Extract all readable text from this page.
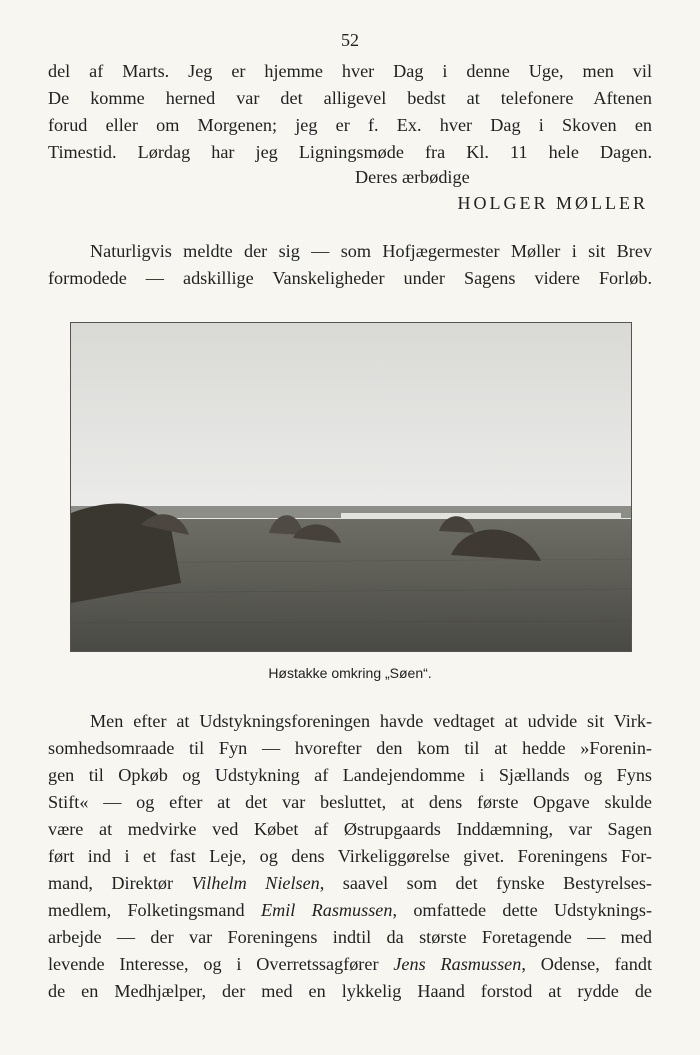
52
del af Marts. Jeg er hjemme hver Dag i denne Uge, men vil
De komme herned var det alligevel bedst at telefonere Aftenen
forud eller om Morgenen; jeg er f. Ex. hver Dag i Skoven en
Timestid. Lørdag har jeg Ligningsmøde fra Kl. 11 hele Dagen.
Deres ærbødige
HOLGER MØLLER
Naturligvis meldte der sig — som Hofjægermester Møller i sit Brev
formodede — adskillige Vanskeligheder under Sagens videre Forløb.
Høstakke omkring „Søen“.
Men efter at Udstykningsforeningen havde vedtaget at udvide sit Virk-
somhedsomraade til Fyn — hvorefter den kom til at hedde »Forenin-
gen til Opkøb og Udstykning af Landejendomme i Sjællands og Fyns
Stift« — og efter at det var besluttet, at dens første Opgave skulde
være at medvirke ved Købet af Østrupgaards Inddæmning, var Sagen
ført ind i et fast Leje, og dens Virkeliggørelse givet. Foreningens For-
mand, Direktør Vilhelm Nielsen, saavel som det fynske Bestyrelses-
medlem, Folketingsmand Emil Rasmussen, omfattede dette Udstyknings-
arbejde — der var Foreningens indtil da største Foretagende — med
levende Interesse, og i Overretssagfører Jens Rasmussen, Odense, fandt
de en Medhjælper, der med en lykkelig Haand forstod at rydde de
